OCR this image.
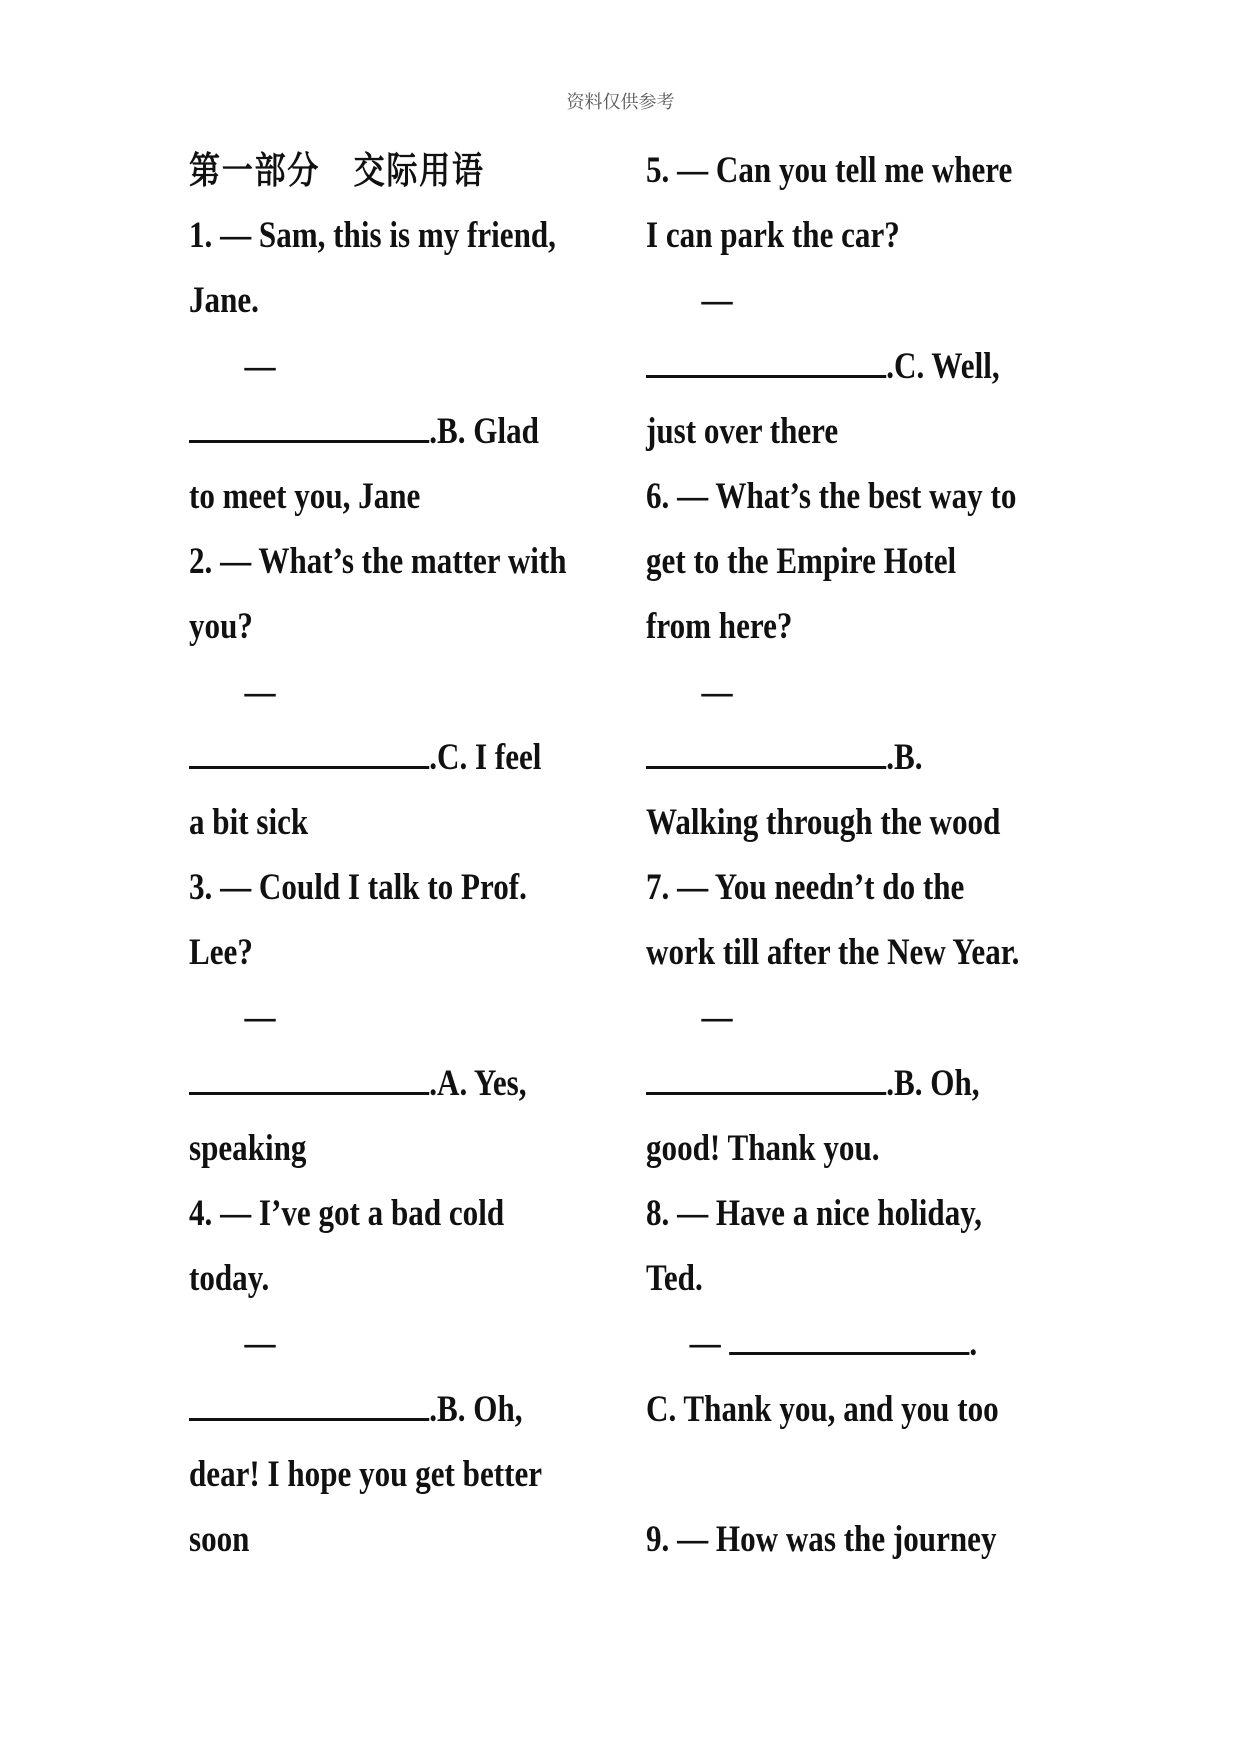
资料仅供参考
第一部分 交际用语
1. — Sam, this is my friend,
Jane.
—
.B. Glad
to meet you, Jane
2. — What’s the matter with
you?
—
.C. I feel
a bit sick
3. — Could I talk to Prof.
Lee?
—
.A. Yes,
speaking
4. — I’ve got a bad cold
today.
—
.B. Oh,
dear! I hope you get better
soon
5. — Can you tell me where
I can park the car?
—
.C. Well,
just over there
6. — What’s the best way to
get to the Empire Hotel
from here?
—
.B.
Walking through the wood
7. — You needn’t do the
work till after the New Year.
—
.B. Oh,
good! Thank you.
8. — Have a nice holiday,
Ted.
—	.
C. Thank you, and you too
9. — How was the journey
